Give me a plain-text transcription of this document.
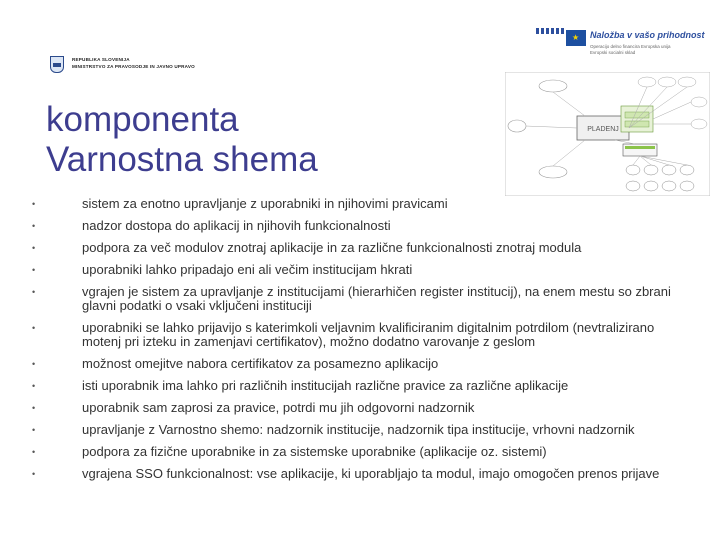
REPUBLIKA SLOVENIJA
MINISTRSTVO ZA PRAVOSODJE IN JAVNO UPRAVO
★
Naložba v vašo prihodnost
Operacijo delno financira Evropska unija
Evropski socialni sklad
komponenta
Varnostna shema
PLADENJ
•	sistem za enotno upravljanje z uporabniki in njihovimi pravicami
•	nadzor dostopa do aplikacij in njihovih funkcionalnosti
•	podpora za več modulov znotraj aplikacije in za različne funkcionalnosti znotraj modula
•	uporabniki lahko pripadajo eni ali večim institucijam hkrati
•	vgrajen je sistem za upravljanje z institucijami (hierarhičen register institucij), na enem mestu so zbrani glavni podatki o vsaki vključeni instituciji
•	uporabniki se lahko prijavijo s katerimkoli veljavnim kvalificiranim digitalnim potrdilom (nevtralizirano motenj pri izteku in zamenjavi certifikatov), možno dodatno varovanje z geslom
•	možnost omejitve nabora certifikatov za posamezno aplikacijo
•	isti uporabnik ima lahko pri različnih institucijah različne pravice za različne aplikacije
•	uporabnik sam zaprosi za pravice, potrdi mu jih odgovorni nadzornik
•	upravljanje z Varnostno shemo: nadzornik institucije, nadzornik tipa institucije, vrhovni nadzornik
•	podpora za fizične uporabnike in za sistemske uporabnike (aplikacije oz. sistemi)
•	vgrajena SSO funkcionalnost: vse aplikacije, ki uporabljajo ta modul, imajo omogočen prenos prijave
